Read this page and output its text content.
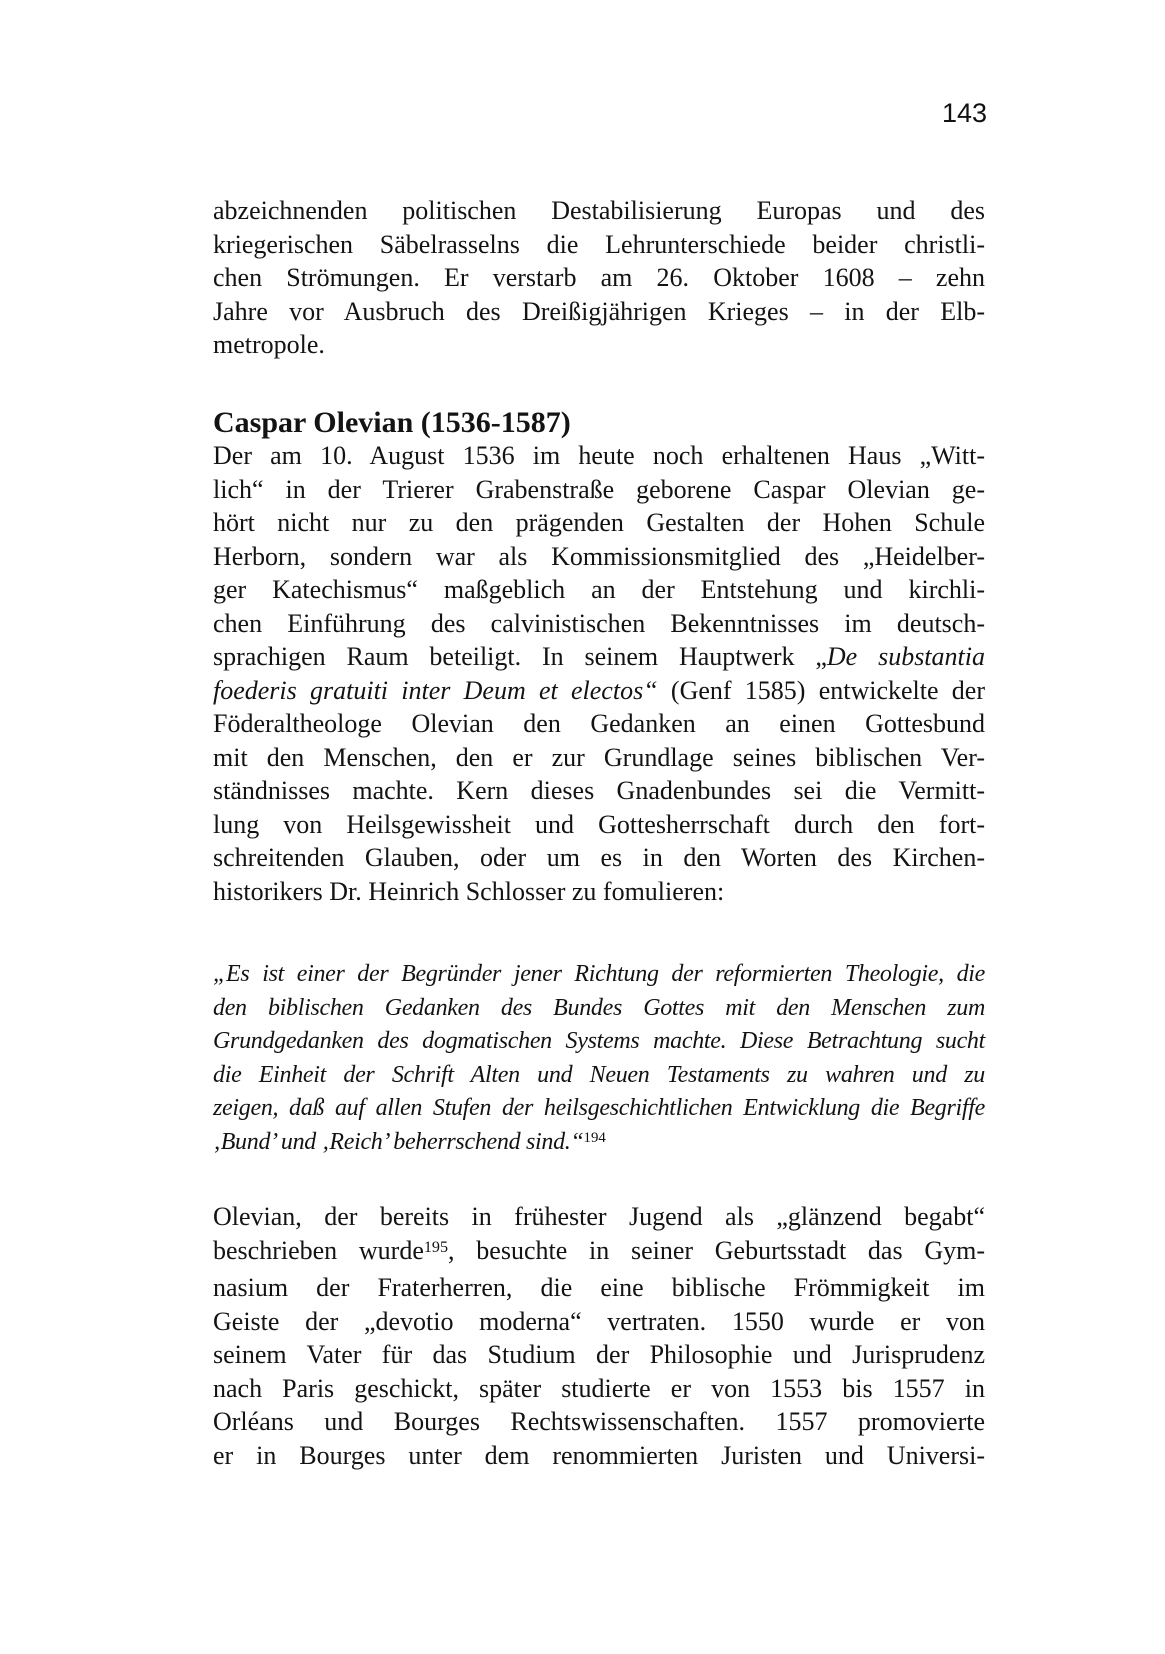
143
abzeichnenden politischen Destabilisierung Europas und des
kriegerischen Säbelrasselns die Lehrunterschiede beider christli-
chen Strömungen. Er verstarb am 26. Oktober 1608 – zehn
Jahre vor Ausbruch des Dreißigjährigen Krieges – in der Elb-
metropole.
Caspar Olevian (1536-1587)
Der am 10. August 1536 im heute noch erhaltenen Haus „Witt-
lich“ in der Trierer Grabenstraße geborene Caspar Olevian ge-
hört nicht nur zu den prägenden Gestalten der Hohen Schule
Herborn, sondern war als Kommissionsmitglied des „Heidelber-
ger Katechismus“ maßgeblich an der Entstehung und kirchli-
chen Einführung des calvinistischen Bekenntnisses im deutsch-
sprachigen Raum beteiligt. In seinem Hauptwerk „De substantia
foederis gratuiti inter Deum et electos“ (Genf 1585) entwickelte der
Föderaltheologe Olevian den Gedanken an einen Gottesbund
mit den Menschen, den er zur Grundlage seines biblischen Ver-
ständnisses machte. Kern dieses Gnadenbundes sei die Vermitt-
lung von Heilsgewissheit und Gottesherrschaft durch den fort-
schreitenden Glauben, oder um es in den Worten des Kirchen-
historikers Dr. Heinrich Schlosser zu fomulieren:
„Es ist einer der Begründer jener Richtung der reformierten Theologie, die
den biblischen Gedanken des Bundes Gottes mit den Menschen zum
Grundgedanken des dogmatischen Systems machte. Diese Betrachtung sucht
die Einheit der Schrift Alten und Neuen Testaments zu wahren und zu
zeigen, daß auf allen Stufen der heilsgeschichtlichen Entwicklung die Begriffe
‚Bund’ und ‚Reich’ beherrschend sind.“$^{194}$
Olevian, der bereits in frühester Jugend als „glänzend begabt“
beschrieben wurde$^{195}$, besuchte in seiner Geburtsstadt das Gym-
nasium der Fraterherren, die eine biblische Frömmigkeit im
Geiste der „devotio moderna“ vertraten. 1550 wurde er von
seinem Vater für das Studium der Philosophie und Jurisprudenz
nach Paris geschickt, später studierte er von 1553 bis 1557 in
Orléans und Bourges Rechtswissenschaften. 1557 promovierte
er in Bourges unter dem renommierten Juristen und Universi-
